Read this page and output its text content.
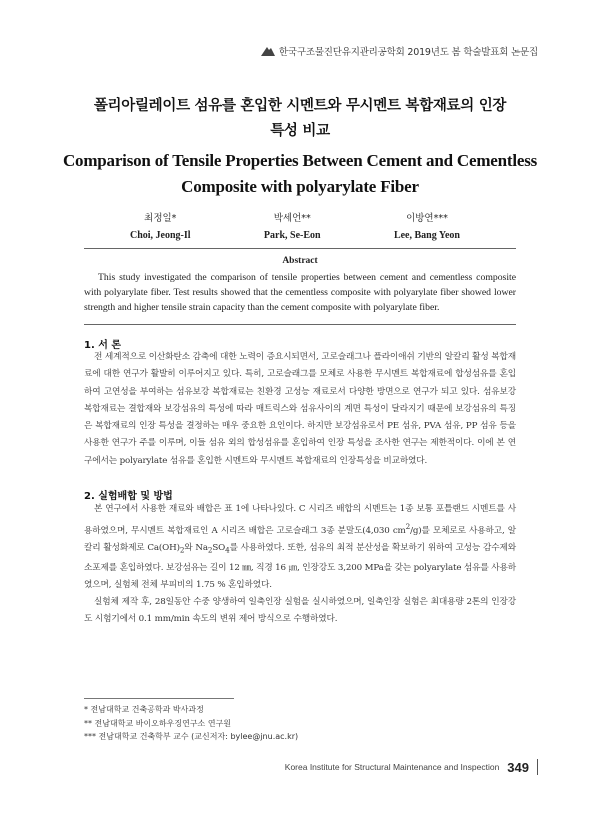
한국구조물진단유지관리공학회 2019년도 봄 학술발표회 논문집
폴리아릴레이트 섬유를 혼입한 시멘트와 무시멘트 복합재료의 인장
특성 비교
Comparison of Tensile Properties Between Cement and Cementless
Composite with polyarylate Fiber
최정일*
Choi, Jeong-Il
박세언**
Park, Se-Eon
이방연***
Lee, Bang Yeon
Abstract
This study investigated the comparison of tensile properties between cement and cementless composite with polyarylate fiber. Test results showed that the cementless composite with polyarylate fiber showed lower strength and higher tensile strain capacity than the cement composite with polyarylate fiber.
1. 서 론

전 세계적으로 이산화탄소 감축에 대한 노력이 증요시되면서, 고로슬래그나 플라이애쉬 기반의 알칼리 활성 복합재료에 대한 연구가 활발히 이루어지고 있다. 특히, 고로슬래그를 모체로 사용한 무시멘트 복합재료에 합성섬유를 혼입하여 고연성을 부여하는 섬유보강 복합재료는 친환경 고성능 재료로서 다양한 방면으로 연구가 되고 있다. 섬유보강 복합재료는 결합재와 보강섬유의 특성에 따라 매트릭스와 섬유사이의 계면 특성이 달라지기 때문에 보강섬유의 특징은 복합재료의 인장 특성을 결정하는 매우 중요한 요인이다. 하지만 보강섬유로서 PE 섬유, PVA 섬유, PP 섬유 등을 사용한 연구가 주를 이루며, 이들 섬유 외의 합성섬유를 혼입하여 인장 특성을 조사한 연구는 제한적이다. 이에 본 연구에서는 polyarylate 섬유를 혼입한 시멘트와 무시멘트 복합재료의 인장특성을 비교하였다.

2. 실험배합 및 방법

본 연구에서 사용한 재료와 배합은 표 1에 나타나있다. C 시리즈 배합의 시멘트는 1종 보통 포틀랜드 시멘트를 사용하였으며, 무시멘트 복합재료인 A 시리즈 배합은 고로슬래그 3종 분말도(4,030 $cm^2/g$)를 모체로로 사용하고, 알칼리 활성화제로 $Ca(OH)_2$와 $Na_2SO_4$를 사용하였다. 또한, 섬유의 최적 분산성을 확보하기 위하여 고성능 감수제와 소포제를 혼입하였다. 보강섬유는 길이 12 ㎜, 직경 16 ㎛, 인장강도 3,200 MPa을 갖는 polyarylate 섬유를 사용하였으며, 실험체 전체 부피비의 1.75 % 혼입하였다.

실험체 제작 후, 28일동안 수중 양생하여 일축인장 실험을 실시하였으며, 일축인장 실험은 최대용량 2톤의 인장강도 시험기에서 0.1 mm/min 속도의 변위 제어 방식으로 수행하였다.

* 전남대학교 건축공학과 박사과정
** 전남대학교 바이오하우징연구소 연구원
*** 전남대학교 건축학부 교수 (교신저자: bylee@jnu.ac.kr)
Korea Institute for Structural Maintenance and Inspection 349
